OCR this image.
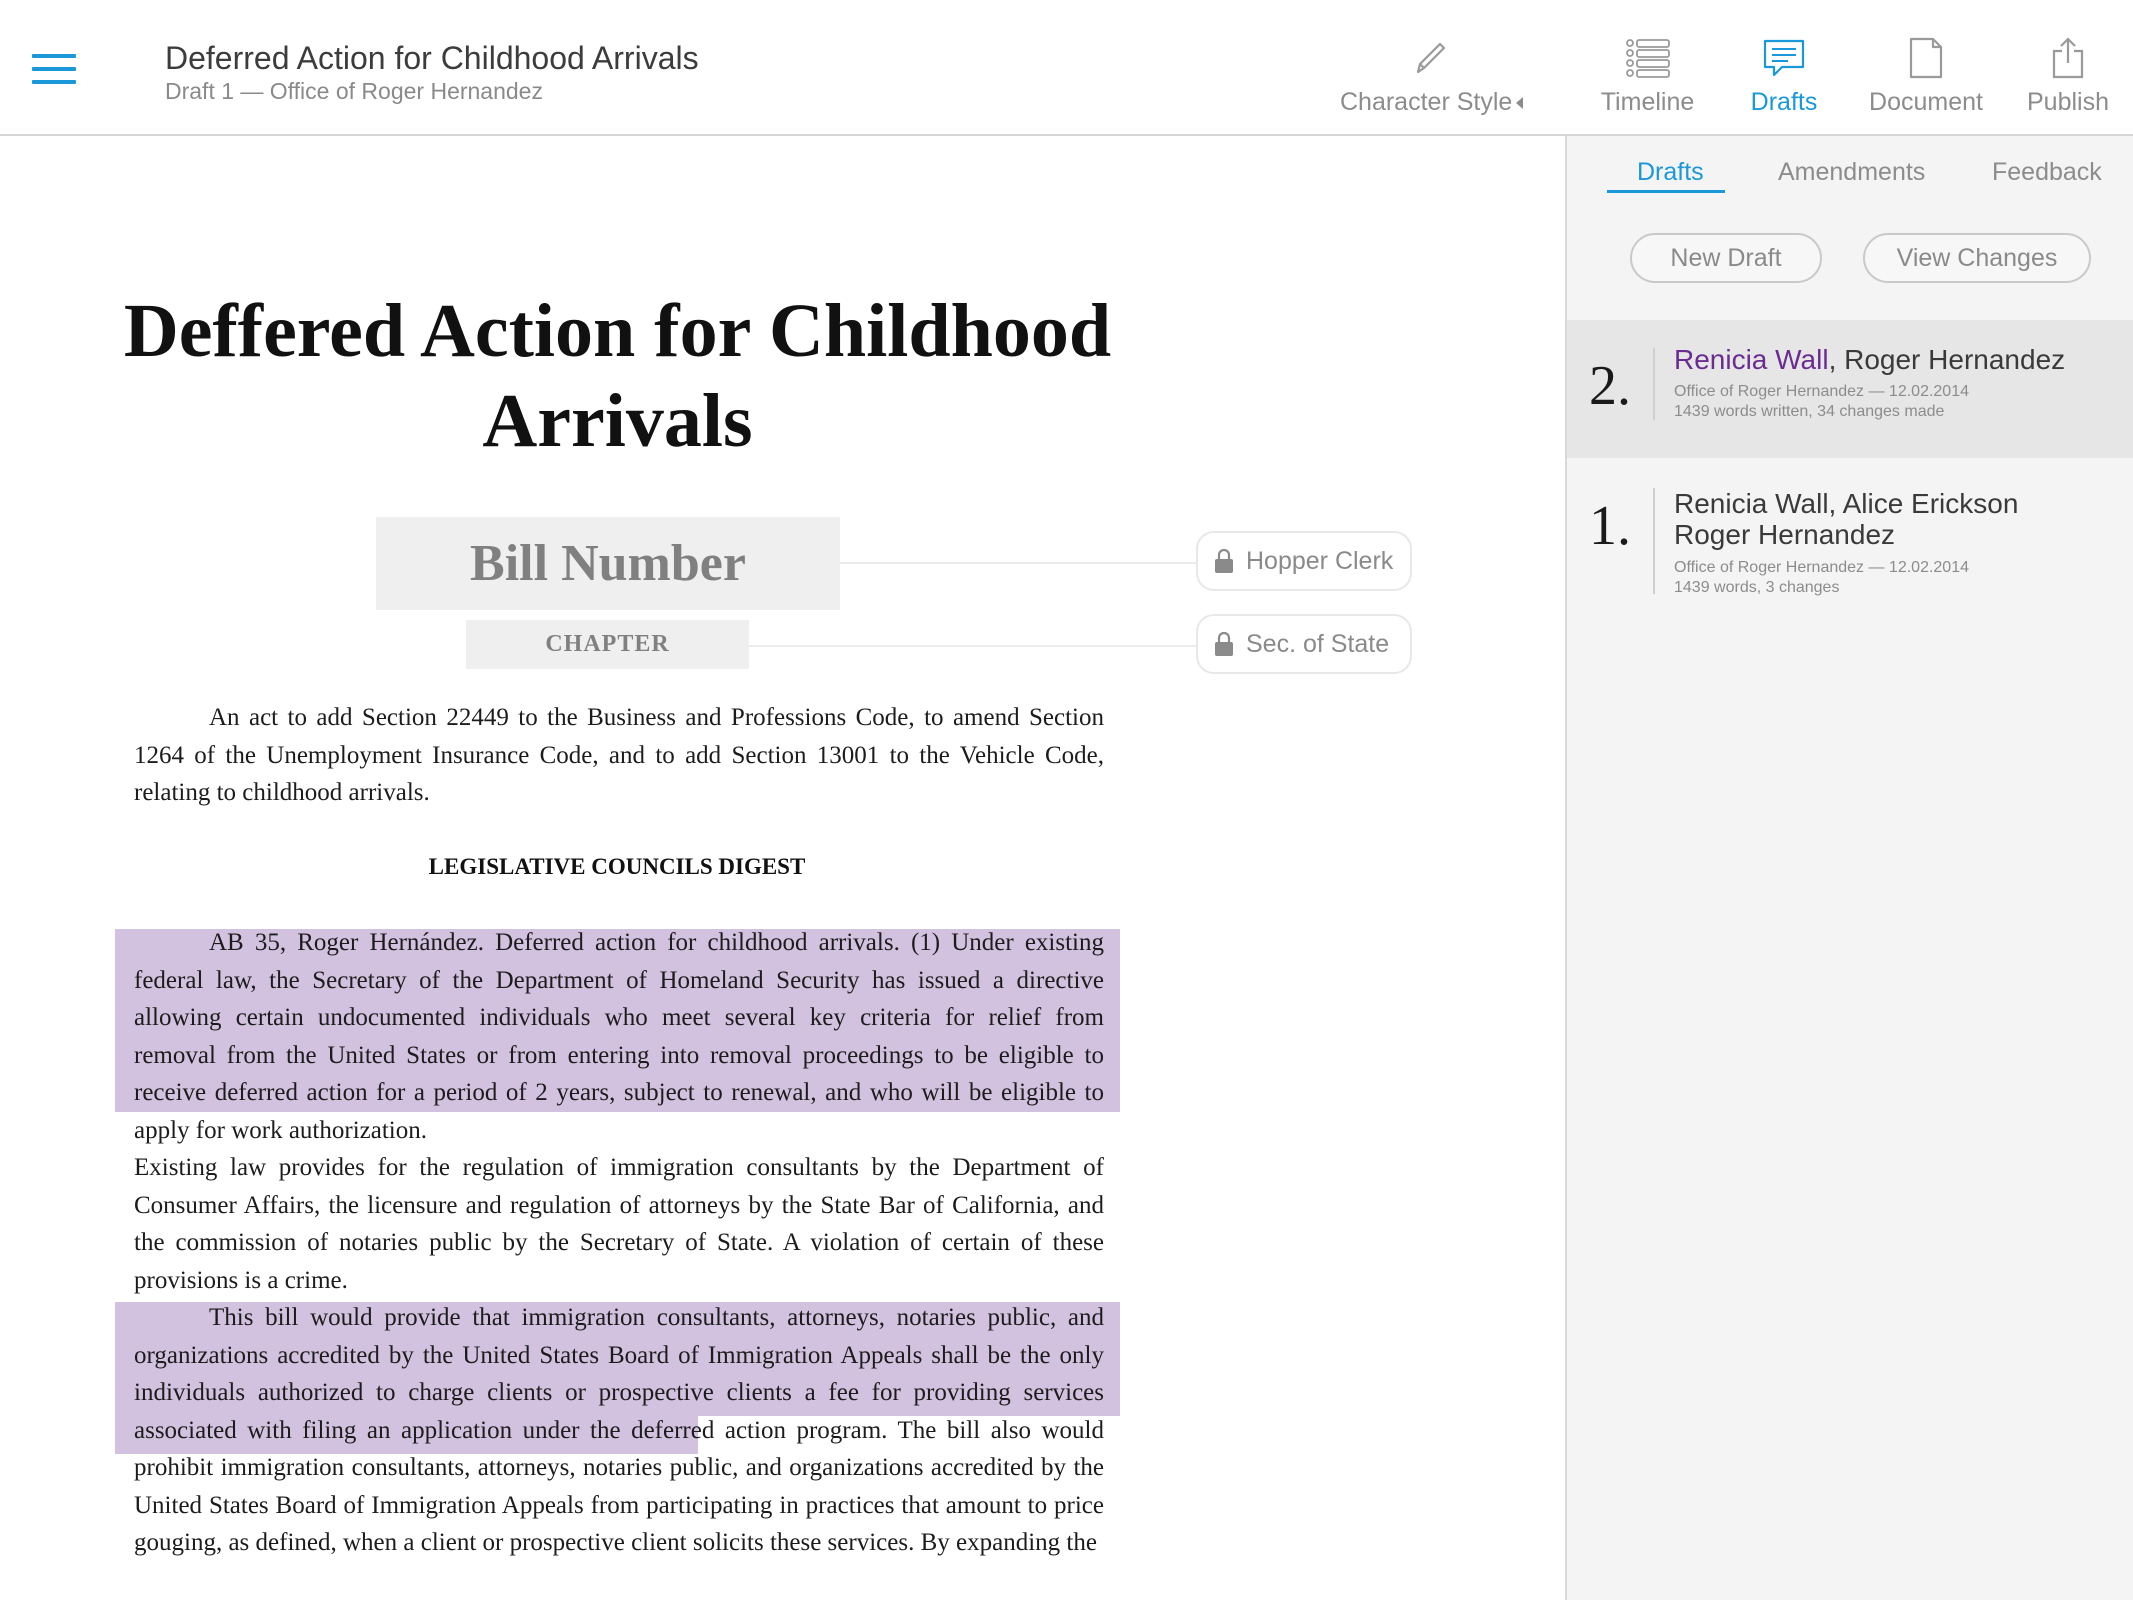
Deferred Action for Childhood Arrivals
Draft 1 — Office of Roger Hernandez	Character Style	Timeline	Drafts	Document Publish
Deffered Action for Childhood Arrivals
Bill Number
CHAPTER
Hopper Clerk
Sec. of State
An act to add Section 22449 to the Business and Professions Code, to amend Section 1264 of the Unemployment Insurance Code, and to add Section 13001 to the Vehicle Code, relating to childhood arrivals.
LEGISLATIVE COUNCILS DIGEST
AB 35, Roger Hernández. Deferred action for childhood arrivals. (1) Under existing federal law, the Secretary of the Department of Homeland Security has issued a directive allowing certain undocumented individuals who meet several key criteria for relief from removal from the United States or from entering into removal proceedings to be eligible to receive deferred action for a period of 2 years, subject to renewal, and who will be eligible to apply for work authorization.
Existing law provides for the regulation of immigration consultants by the Department of Consumer Affairs, the licensure and regulation of attorneys by the State Bar of California, and the commission of notaries public by the Secretary of State. A violation of certain of these provisions is a crime.
This bill would provide that immigration consultants, attorneys, notaries public, and organizations accredited by the United States Board of Immigration Appeals shall be the only individuals authorized to charge clients or prospective clients a fee for providing services associated with filing an application under the deferred action program. The bill also would prohibit immigration consultants, attorneys, notaries public, and organizations accredited by the United States Board of Immigration Appeals from participating in practices that amount to price gouging, as defined, when a client or prospective client solicits these services. By expanding the
Drafts	Amendments	Feedback
New Draft	View Changes
2. Renicia Wall, Roger Hernandez
Office of Roger Hernandez — 12.02.2014
1439 words written, 34 changes made
1. Renicia Wall, Alice Erickson
Roger Hernandez
Office of Roger Hernandez — 12.02.2014
1439 words, 3 changes
